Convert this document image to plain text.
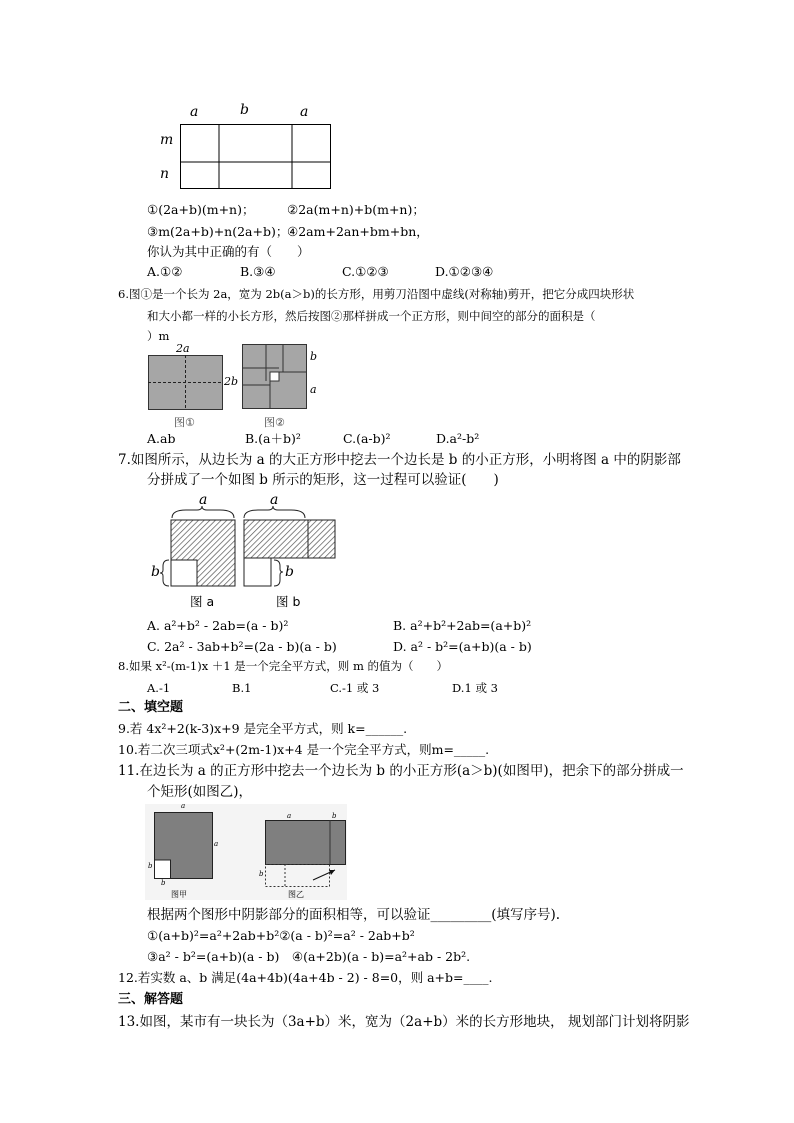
a	b	a
m
n
①(2a+b)(m+n)；	②2a(m+n)+b(m+n)；
③m(2a+b)+n(2a+b)；
④2am+2an+bm+bn，
你认为其中正确的有（　　）
A.①②	B.③④	C.①②③	D.①②③④
6.图①是一个长为 2a，宽为 2b(a＞b)的长方形，用剪刀沿图中虚线(对称轴)剪开，把它分成四块形状
和大小都一样的小长方形，然后按图②那样拼成一个正方形，则中间空的部分的面积是（
）m
2a
2b
图①
b
a
图②
A.ab	B.(a＋b)²	C.(a-b)²	D.a²-b²
7.如图所示，从边长为 a 的大正方形中挖去一个边长是 b 的小正方形，小明将图 a 中的阴影部
分拼成了一个如图 b 所示的矩形，这一过程可以验证(　　)
a
b
图 a
a
b
图 b
A. a²+b² - 2ab=(a - b)²	B. a²+b²+2ab=(a+b)²
C. 2a² - 3ab+b²=(2a - b)(a - b)	D. a² - b²=(a+b)(a - b)
8.如果 x²-(m-1)x ＋1 是一个完全平方式，则 m 的值为（　　）
A.-1	B.1	C.-1 或 3	D.1 或 3
二、填空题
9.若 4x²+2(k-3)x+9 是完全平方式，则 k=______.
10.若二次三项式x²+(2m-1)x+4 是一个完全平方式，则m=_____.
11.在边长为 a 的正方形中挖去一个边长为 b 的小正方形(a＞b)(如图甲)，把余下的部分拼成一
个矩形(如图乙)，
a
a
b
b
图甲
a	b
b
图乙
根据两个图形中阴影部分的面积相等，可以验证_________(填写序号).
①(a+b)²=a²+2ab+b²②(a - b)²=a² - 2ab+b²
③a² - b²=(a+b)(a - b)　④(a+2b)(a - b)=a²+ab - 2b².
12.若实数 a、b 满足(4a+4b)(4a+4b - 2) - 8=0，则 a+b=____.
三、解答题
13.如图，某市有一块长为（3a+b）米，宽为（2a+b）米的长方形地块， 规划部门计划将阴影
